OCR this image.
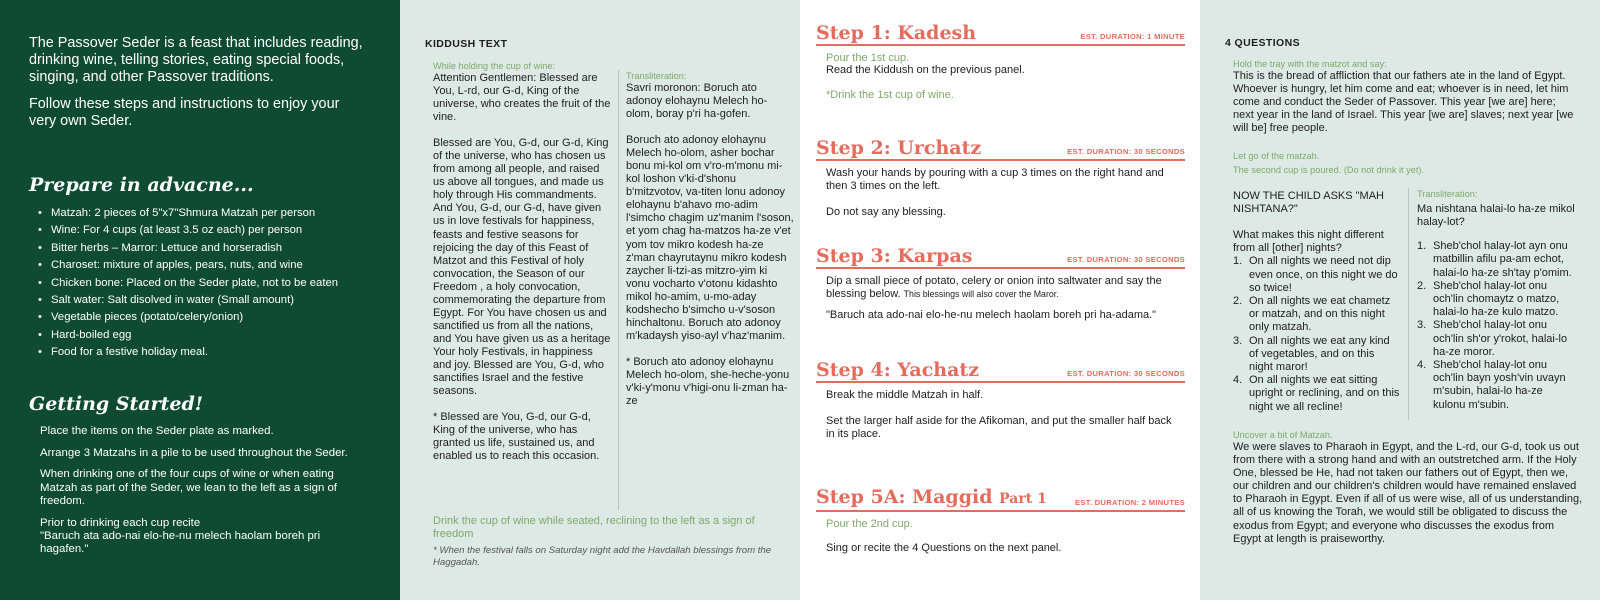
The Passover Seder is a feast that includes reading, drinking wine, telling stories, eating special foods, singing, and other Passover traditions.

Follow these steps and instructions to enjoy your very own Seder.

Prepare in advacne...
• Matzah: 2 pieces of 5"x7"Shmura Matzah per person
• Wine: For 4 cups (at least 3.5 oz each) per person
• Bitter herbs – Marror: Lettuce and horseradish
• Charoset: mixture of apples, pears, nuts, and wine
• Chicken bone: Placed on the Seder plate, not to be eaten
• Salt water: Salt disolved in water (Small amount)
• Vegetable pieces (potato/celery/onion)
• Hard-boiled egg
• Food for a festive holiday meal.
Getting Started!

Place the items on the Seder plate as marked.

Arrange 3 Matzahs in a pile to be used throughout the Seder.

When drinking one of the four cups of wine or when eating Matzah as part of the Seder, we lean to the left as a sign of freedom.

Prior to drinking each cup recite
"Baruch ata ado-nai elo-he-nu melech haolam boreh pri hagafen."

KIDDUSH TEXT
While holding the cup of wine:

Attention Gentlemen: Blessed are You, L-rd, our G-d, King of the universe, who creates the fruit of the vine.

Blessed are You, G-d, our G-d, King of the universe, who has chosen us from among all people, and raised us above all tongues, and made us holy through His commandments. And You, G-d, our G-d, have given us in love festivals for happiness, feasts and festive seasons for rejoicing the day of this Feast of Matzot and this Festival of holy convocation, the Season of our Freedom , a holy convocation, commemorating the departure from Egypt. For You have chosen us and sanctified us from all the nations, and You have given us as a heritage Your holy Festivals, in happiness and joy. Blessed are You, G-d, who sanctifies Israel and the festive seasons.

* Blessed are You, G-d, our G-d, King of the universe, who has granted us life, sustained us, and enabled us to reach this occasion.

Transliteration:

Savri moronon: Boruch ato adonoy elohaynu Melech ho-olom, boray p'ri ha-gofen.

Boruch ato adonoy elohaynu Melech ho-olom, asher bochar bonu mi-kol om v'ro-m'monu mi-kol loshon v'ki-d'shonu b'mitzvotov, va-titen lonu adonoy elohaynu b'ahavo mo-adim l'simcho chagim uz'manim l'soson, et yom chag ha-matzos ha-ze v'et yom tov mikro kodesh ha-ze z'man chayrutaynu mikro kodesh zaycher li-tzi-as mitzro-yim ki vonu vocharto v'otonu kidashto mikol ho-amim, u-mo-aday kodshecho b'simcho u-v'soson hinchaltonu. Boruch ato adonoy m'kadaysh yiso-ayl v'haz'manim.

* Boruch ato adonoy elohaynu Melech ho-olom, she-heche-yonu v'ki-y'monu v'higi-onu li-zman ha-ze

Drink the cup of wine while seated, reclining to the left as a sign of freedom
* When the festival falls on Saturday night add the Havdallah blessings from the Haggadah.
Step 1: Kadesh	EST. DURATION: 1 MINUTE
Pour the 1st cup.
Read the Kiddush on the previous panel.
*Drink the 1st cup of wine.
Step 2: Urchatz	EST. DURATION: 30 SECONDS
Wash your hands by pouring with a cup 3 times on the right hand and then 3 times on the left.
Do not say any blessing.
Step 3: Karpas	EST. DURATION: 30 SECONDS
Dip a small piece of potato, celery or onion into saltwater and say the blessing below. This blessings will also cover the Maror.
"Baruch ata ado-nai elo-he-nu melech haolam boreh pri ha-adama."
Step 4: Yachatz	EST. DURATION: 30 SECONDS
Break the middle Matzah in half.
Set the larger half aside for the Afikoman, and put the smaller half back in its place.
Step 5A: Maggid Part 1	EST. DURATION: 2 MINUTES
Pour the 2nd cup.
Sing or recite the 4 Questions on the next panel.
4 QUESTIONS
Hold the tray with the matzot and say:
This is the bread of affliction that our fathers ate in the land of Egypt. Whoever is hungry, let him come and eat; whoever is in need, let him come and conduct the Seder of Passover. This year [we are] here; next year in the land of Israel. This year [we are] slaves; next year [we will be] free people.
Let go of the matzah.
The second cup is poured. (Do not drink it yet).
NOW THE CHILD ASKS "MAH NISHTANA?"
What makes this night different from all [other] nights?
1. On all nights we need not dip even once, on this night we do so twice!
2. On all nights we eat chametz or matzah, and on this night only matzah.
3. On all nights we eat any kind of vegetables, and on this night maror!
4. On all nights we eat sitting upright or reclining, and on this night we all recline!
Transliteration:
Ma nishtana halai-lo ha-ze mikol halay-lot?
1. Sheb'chol halay-lot ayn onu matbillin afilu pa-am echot, halai-lo ha-ze sh'tay p'omim.
2. Sheb'chol halay-lot onu och'lin chomaytz o matzo, halai-lo ha-ze kulo matzo.
3. Sheb'chol halay-lot onu och'lin sh'or y'rokot, halai-lo ha-ze moror.
4. Sheb'chol halay-lot onu och'lin bayn yosh'vin uvayn m'subin, halai-lo ha-ze kulonu m'subin.
Uncover a bit of Matzah.
We were slaves to Pharaoh in Egypt, and the L-rd, our G-d, took us out from there with a strong hand and with an outstretched arm. If the Holy One, blessed be He, had not taken our fathers out of Egypt, then we, our children and our children's children would have remained enslaved to Pharaoh in Egypt. Even if all of us were wise, all of us understanding, all of us knowing the Torah, we would still be obligated to discuss the exodus from Egypt; and everyone who discusses the exodus from Egypt at length is praiseworthy.
